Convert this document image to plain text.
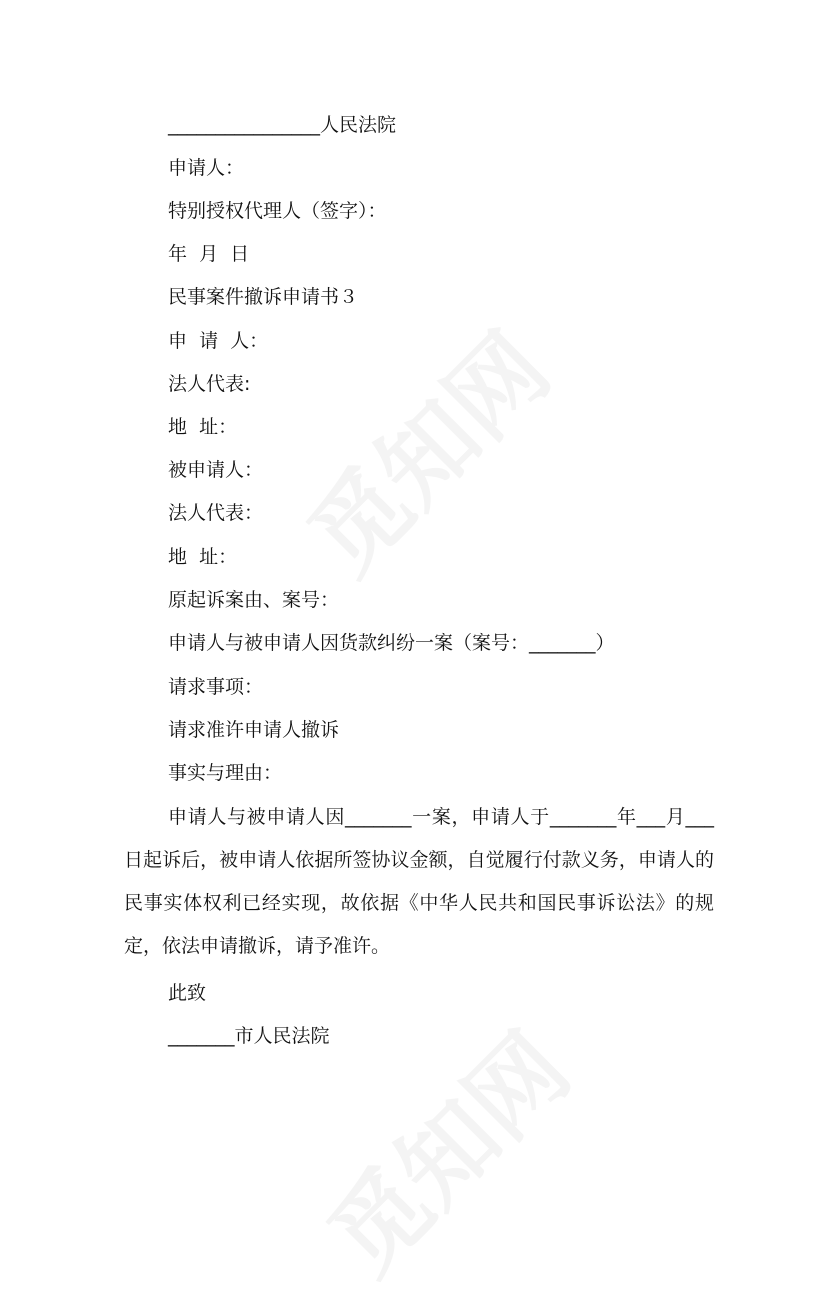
________________人民法院
申请人：
特别授权代理人（签字）：
年  月  日
民事案件撤诉申请书３
申  请  人：
法人代表:
地  址：
被申请人：
法人代表：
地  址：
原起诉案由、案号：
申请人与被申请人因货款纠纷一案（案号：_______）
请求事项：
请求准许申请人撤诉
事实与理由：
申请人与被申请人因_______一案，申请人于_______年___月___日起诉后，被申请人依据所签协议金额，自觉履行付款义务，申请人的民事实体权利已经实现，故依据《中华人民共和国民事诉讼法》的规定，依法申请撤诉，请予准许。
此致
_______市人民法院
